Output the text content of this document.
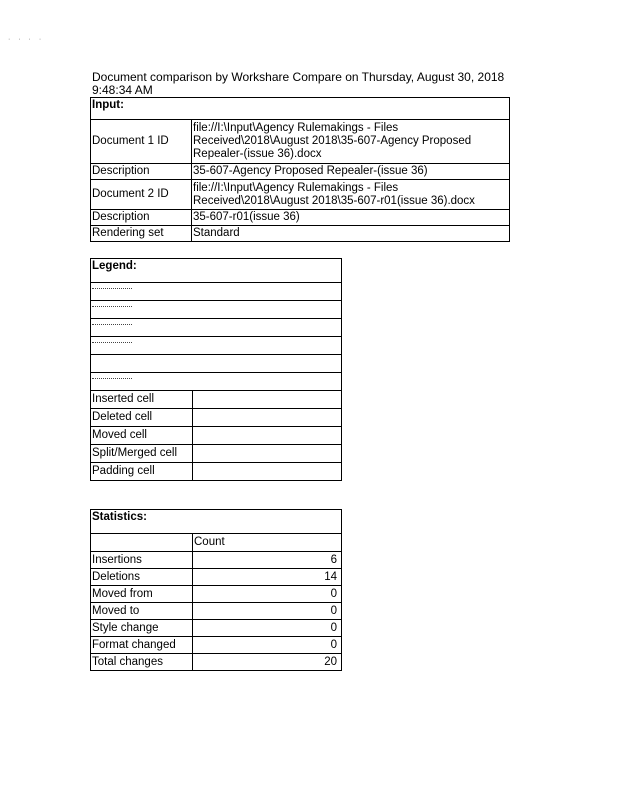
· · · ·
Document comparison by Workshare Compare on Thursday, August 30, 2018
9:48:34 AM
Input:	
Document 1 ID	file://I:\Input\Agency Rulemakings - Files Received\2018\August 2018\35-607-Agency Proposed Repealer-(issue 36).docx
Description	35-607-Agency Proposed Repealer-(issue 36)
Document 2 ID	file://I:\Input\Agency Rulemakings - Files Received\2018\August 2018\35-607-r01(issue 36).docx
Description	35-607-r01(issue 36)
Rendering set	Standard
Legend:	

Inserted cell	
Deleted cell	
Moved cell	
Split/Merged cell	
Padding cell	
Statistics:	
	Count
Insertions	6
Deletions	14
Moved from	0
Moved to	0
Style change	0
Format changed	0
Total changes	20
